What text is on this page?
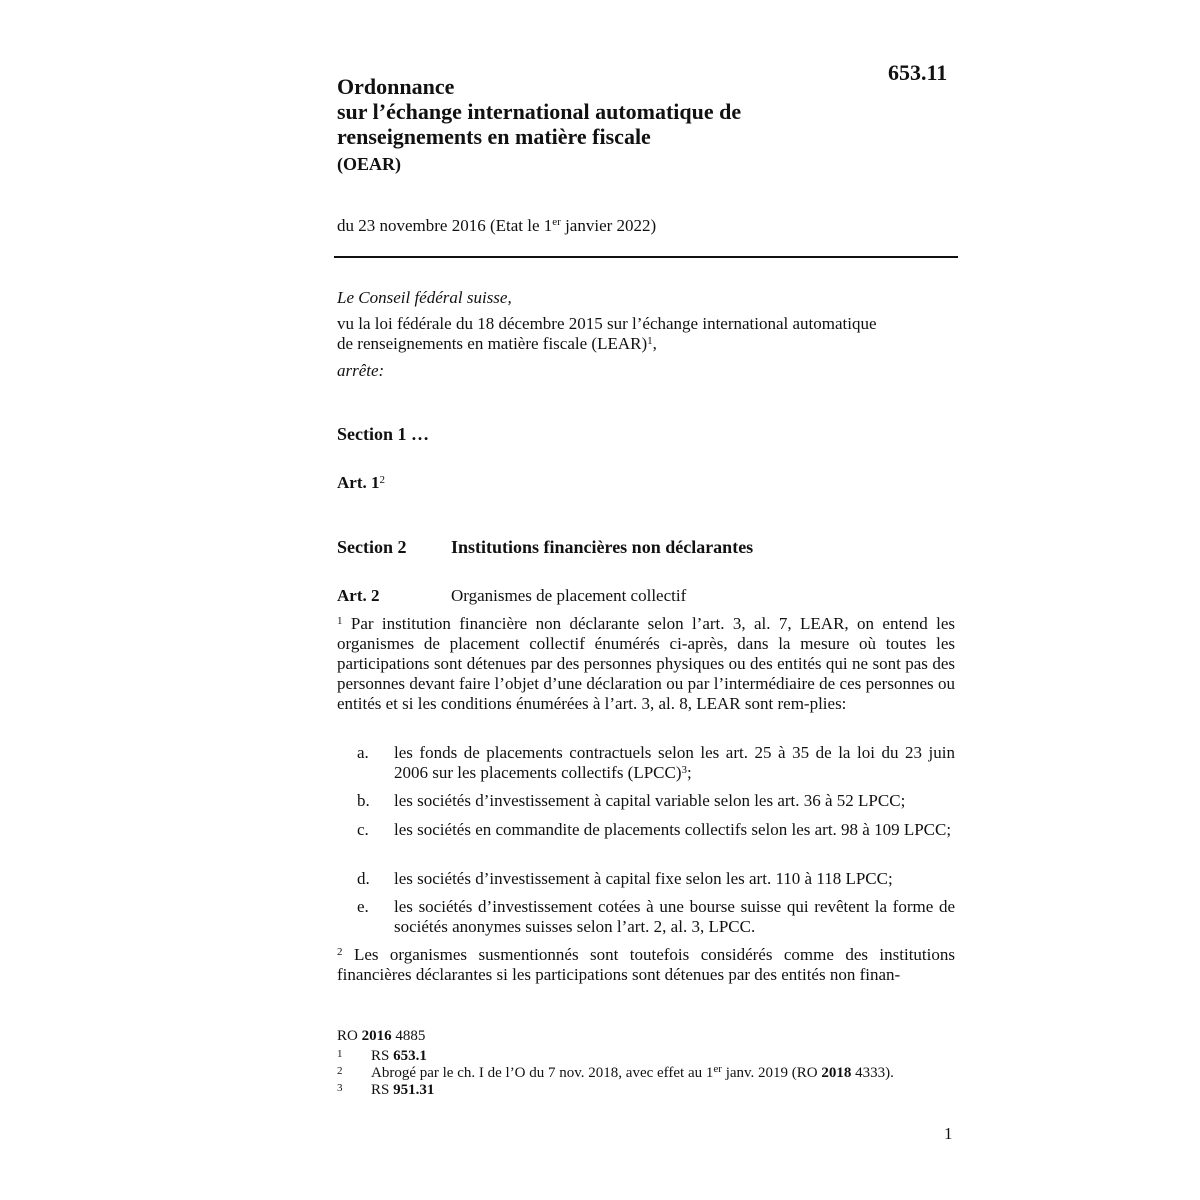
653.11
Ordonnance
sur l’échange international automatique de
renseignements en matière fiscale
(OEAR)
du 23 novembre 2016 (Etat le 1er janvier 2022)
Le Conseil fédéral suisse,
vu la loi fédérale du 18 décembre 2015 sur l’échange international automatique
de renseignements en matière fiscale (LEAR)$^1$,
arrête:
Section 1 …
Art. $1^2$
Section 2 Institutions financières non déclarantes
Art. 2	Organismes de placement collectif
$^1$ Par institution financière non déclarante selon l’art. 3, al. 7, LEAR, on entend les organismes de placement collectif énumérés ci-après, dans la mesure où toutes les participations sont détenues par des personnes physiques ou des entités qui ne sont pas des personnes devant faire l’objet d’une déclaration ou par l’intermédiaire de ces personnes ou entités et si les conditions énumérées à l’art. 3, al. 8, LEAR sont rem-plies:
a.	les fonds de placements contractuels selon les art. 25 à 35 de la loi du 23 juin 2006 sur les placements collectifs (LPCC)$^3$;
b.	les sociétés d’investissement à capital variable selon les art. 36 à 52 LPCC;
c.	les sociétés en commandite de placements collectifs selon les art. 98 à 109 LPCC;
d.	les sociétés d’investissement à capital fixe selon les art. 110 à 118 LPCC;
e.	les sociétés d’investissement cotées à une bourse suisse qui revêtent la forme de sociétés anonymes suisses selon l’art. 2, al. 3, LPCC.
$^2$ Les organismes susmentionnés sont toutefois considérés comme des institutions financières déclarantes si les participations sont détenues par des entités non finan-
RO 2016 4885
1 RS 653.1
2 Abrogé par le ch. I de l’O du 7 nov. 2018, avec effet au 1er janv. 2019 (RO 2018 4333).
3 RS 951.31
1
